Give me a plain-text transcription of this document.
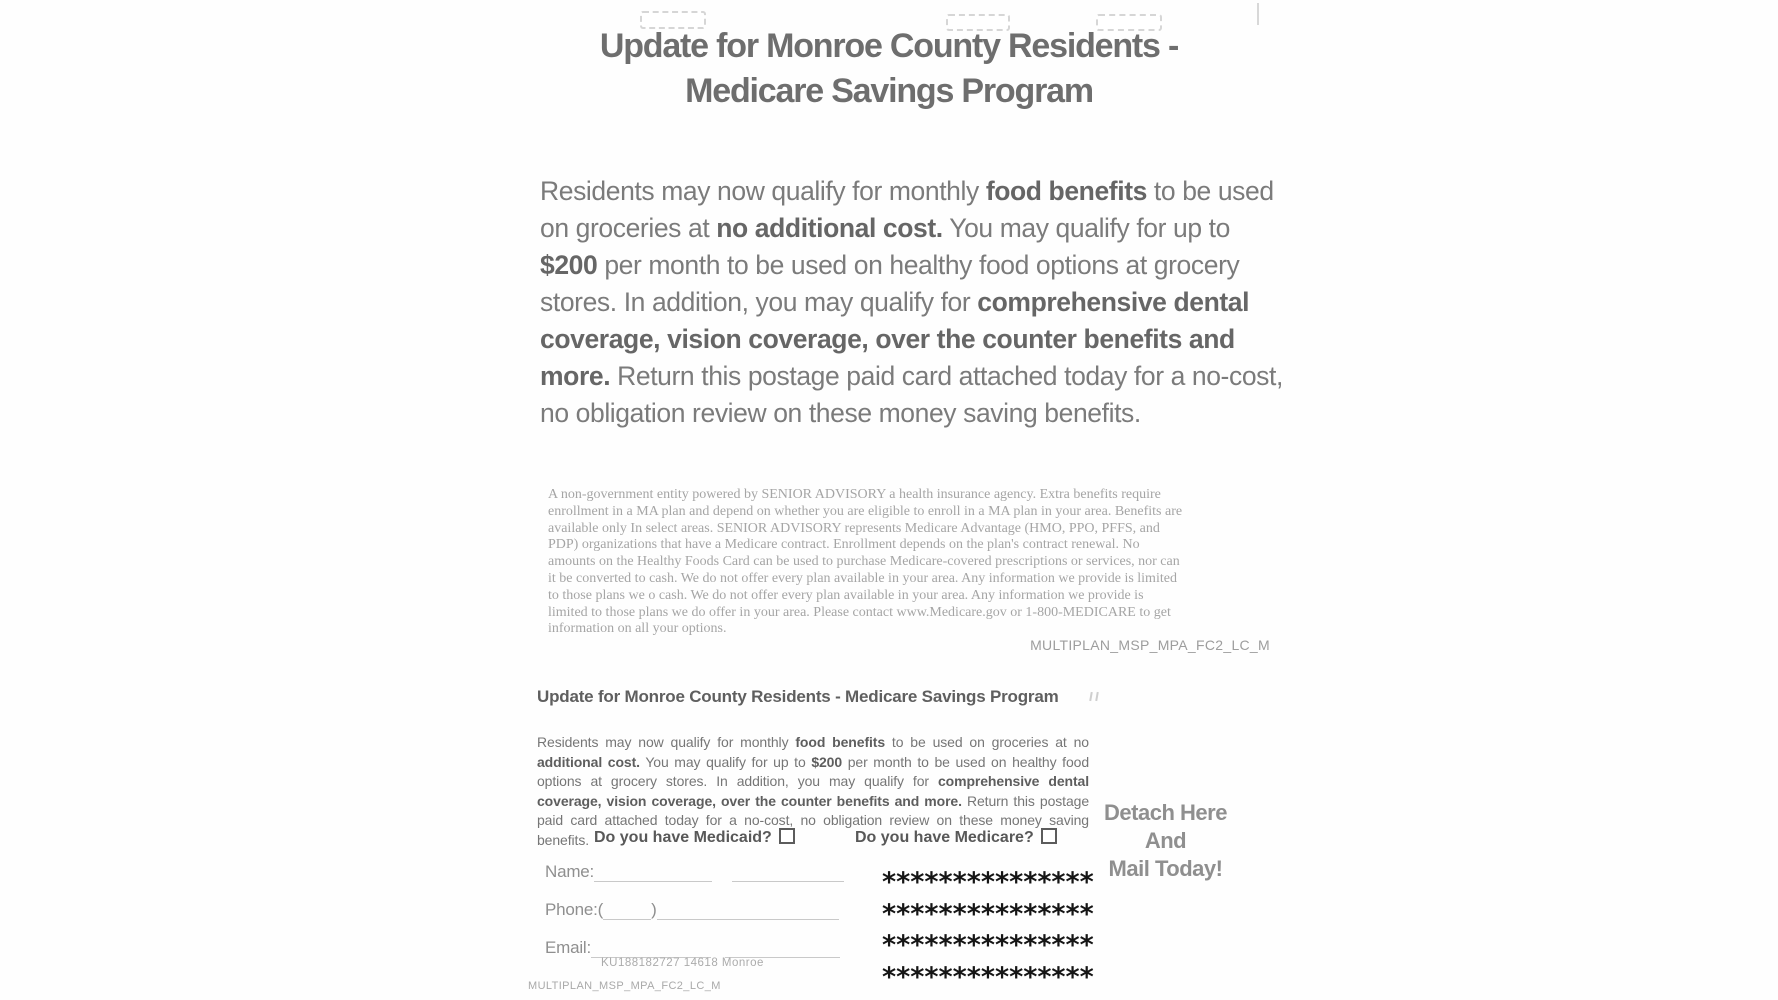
Update for Monroe County Residents -
Medicare Savings Program

Residents may now qualify for monthly food benefits to be used on groceries at no additional cost. You may qualify for up to $200 per month to be used on healthy food options at grocery stores. In addition, you may qualify for comprehensive dental coverage, vision coverage, over the counter benefits and more. Return this postage paid card attached today for a no-cost, no obligation review on these money saving benefits.

A non-government entity powered by SENIOR ADVISORY a health insurance agency. Extra benefits require
enrollment in a MA plan and depend on whether you are eligible to enroll in a MA plan in your area. Benefits are
available only In select areas. SENIOR ADVISORY represents Medicare Advantage (HMO, PPO, PFFS, and
PDP) organizations that have a Medicare contract. Enrollment depends on the plan's contract renewal. No
amounts on the Healthy Foods Card can be used to purchase Medicare-covered prescriptions or services, nor can
it be converted to cash. We do not offer every plan available in your area. Any information we provide is limited
to those plans we o cash. We do not offer every plan available in your area. Any information we provide is
limited to those plans we do offer in your area. Please contact www.Medicare.gov or 1-800-MEDICARE to get
information on all your options.
MULTIPLAN_MSP_MPA_FC2_LC_M
Update for Monroe County Residents - Medicare Savings Program

Residents may now qualify for monthly food benefits to be used on groceries at no additional cost. You may qualify for up to $200 per month to be used on healthy food options at grocery stores. In addition, you may qualify for comprehensive dental coverage, vision coverage, over the counter benefits and more. Return this postage paid card attached today for a no-cost, no obligation review on these money saving benefits.

Detach Here
And
Mail Today!
Do you have Medicaid?	Do you have Medicare?
Name:
Phone:(	)
Email:
KU188182727 14618 Monroe
MULTIPLAN_MSP_MPA_FC2_LC_M
***************
***************
***************
***************
